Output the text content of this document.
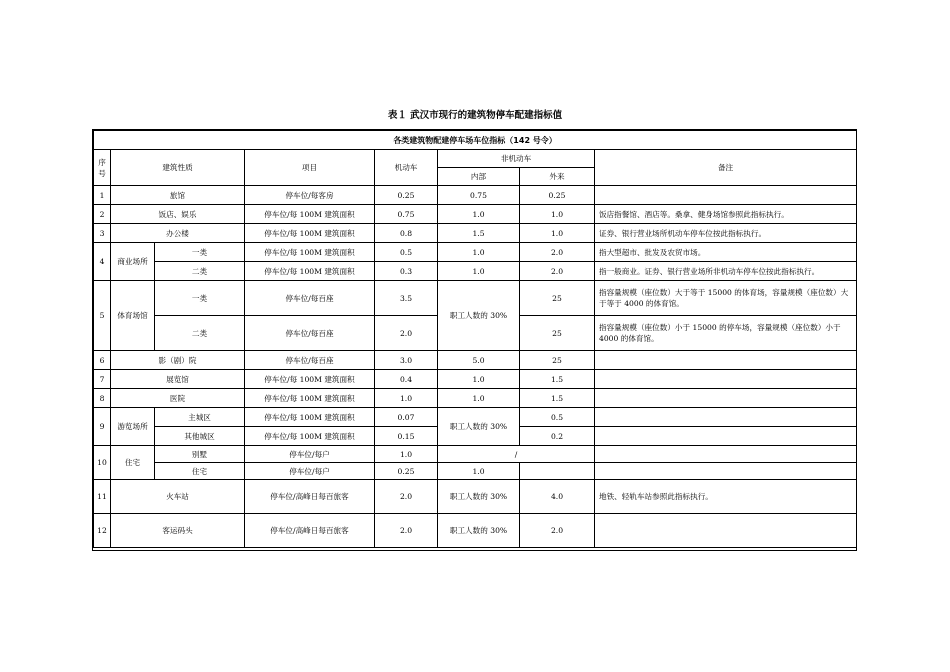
表１ 武汉市现行的建筑物停车配建指标值
各类建筑物配建停车场车位指标（142 号令）							
序号	建筑性质		项目	机动车	非机动车		备注
					内部	外来	
1	旅馆		停车位/每客房	0.25	0.75	0.25	
2	饭店、娱乐		停车位/每 100M 建筑面积	0.75	1.0	1.0	饭店指餐馆、酒店等。桑拿、健身场馆参照此指标执行。
3	办公楼		停车位/每 100M 建筑面积	0.8	1.5	1.0	证券、银行营业场所机动车停车位按此指标执行。
4	商业场所	一类	停车位/每 100M 建筑面积	0.5	1.0	2.0	指大型超市、批发及农贸市场。
		二类	停车位/每 100M 建筑面积	0.3	1.0	2.0	指一般商业。证券、银行营业场所非机动车停车位按此指标执行。
5	体育场馆	一类	停车位/每百座	3.5	职工人数的 30%	25	指容量规模（座位数）大于等于 15000 的体育场，容量规模（座位数）大于等于 4000 的体育馆。
		二类	停车位/每百座	2.0		25	指容量规模（座位数）小于 15000 的停车场，容量规模（座位数）小于 4000 的体育馆。
6	影（剧）院		停车位/每百座	3.0	5.0	25	
7	展览馆		停车位/每 100M 建筑面积	0.4	1.0	1.5	
8	医院		停车位/每 100M 建筑面积	1.0	1.0	1.5	
9	游览场所	主城区	停车位/每 100M 建筑面积	0.07	职工人数的 30%	0.5	
		其他城区	停车位/每 100M 建筑面积	0.15		0.2	
10	住宅	别墅	停车位/每户	1.0	/		
		住宅	停车位/每户	0.25	1.0		
11	火车站		停车位/高峰日每百旅客	2.0	职工人数的 30%	4.0	地铁、轻轨车站参照此指标执行。
12	客运码头		停车位/高峰日每百旅客	2.0	职工人数的 30%	2.0	
